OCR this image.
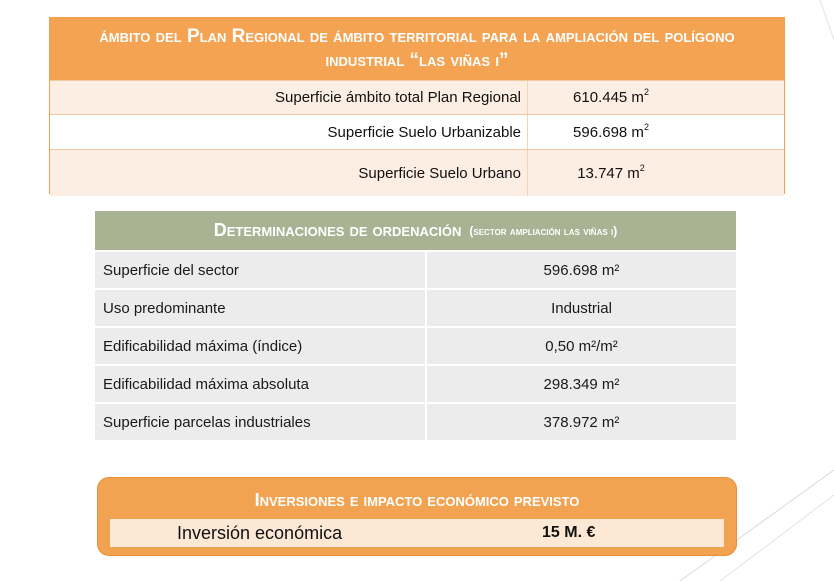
ámbito del Plan Regional de ámbito territorial para la ampliación del polígono industrial “las viñas i”
Superficie ámbito total Plan Regional	610.445 $m^2$
Superficie Suelo Urbanizable	596.698 $m^2$
Superficie Suelo Urbano	13.747 $m^2$
Determinaciones de ordenación (sector ampliación las viñas i)
Superficie del sector	596.698 m²
Uso predominante	Industrial
Edificabilidad máxima (índice)	0,50 m²/m²
Edificabilidad máxima absoluta	298.349 m²
Superficie parcelas industriales	378.972 m²
Inversiones e impacto económico previsto
Inversión económica	15 M. €
